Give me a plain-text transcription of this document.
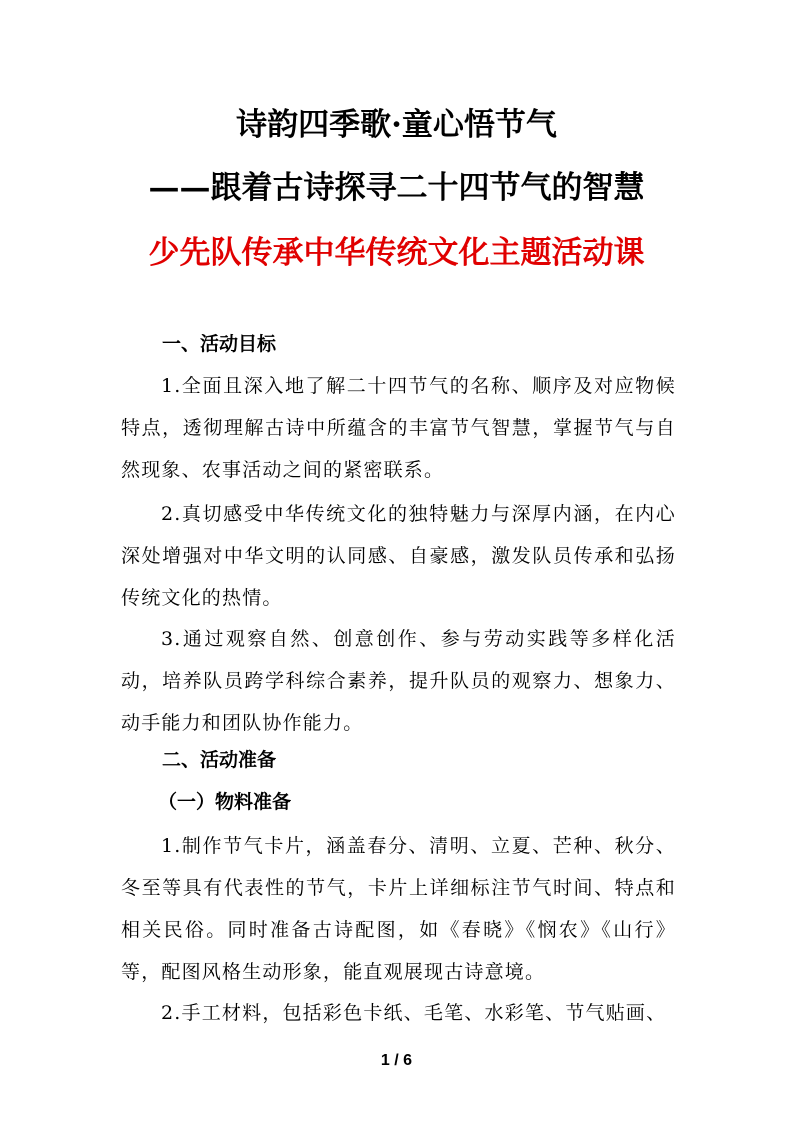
诗韵四季歌·童心悟节气
——跟着古诗探寻二十四节气的智慧
少先队传承中华传统文化主题活动课
一、活动目标
1.全面且深入地了解二十四节气的名称、顺序及对应物候特点，透彻理解古诗中所蕴含的丰富节气智慧，掌握节气与自然现象、农事活动之间的紧密联系。
2.真切感受中华传统文化的独特魅力与深厚内涵，在内心深处增强对中华文明的认同感、自豪感，激发队员传承和弘扬传统文化的热情。
3.通过观察自然、创意创作、参与劳动实践等多样化活动，培养队员跨学科综合素养，提升队员的观察力、想象力、动手能力和团队协作能力。
二、活动准备
（一）物料准备
1.制作节气卡片，涵盖春分、清明、立夏、芒种、秋分、冬至等具有代表性的节气，卡片上详细标注节气时间、特点和相关民俗。同时准备古诗配图，如《春晓》《悯农》《山行》等，配图风格生动形象，能直观展现古诗意境。
2.手工材料，包括彩色卡纸、毛笔、水彩笔、节气贴画、
1 / 6
